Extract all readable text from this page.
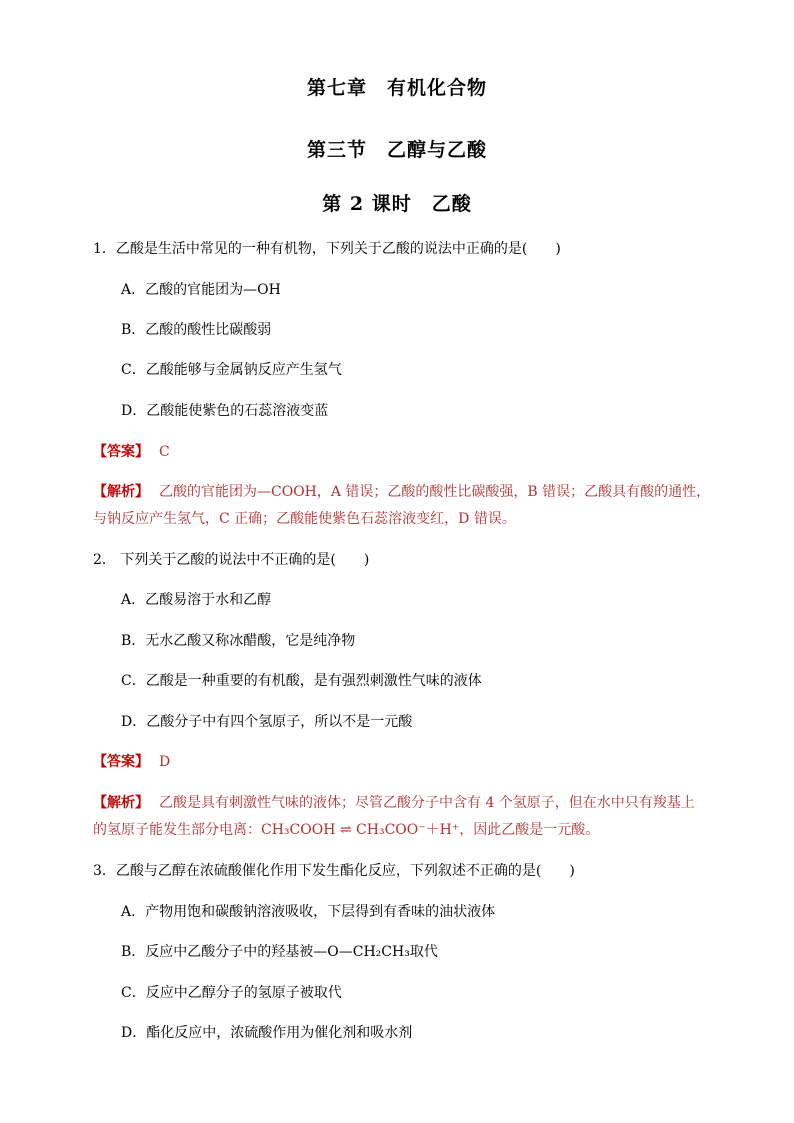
第七章　有机化合物
第三节　乙醇与乙酸
第 2 课时　乙酸
1．乙酸是生活中常见的一种有机物，下列关于乙酸的说法中正确的是(　　)
A．乙酸的官能团为—OH
B．乙酸的酸性比碳酸弱
C．乙酸能够与金属钠反应产生氢气
D．乙酸能使紫色的石蕊溶液变蓝
【答案】 C
【解析】 乙酸的官能团为—COOH，A 错误；乙酸的酸性比碳酸强，B 错误；乙酸具有酸的通性，
与钠反应产生氢气，C 正确；乙酸能使紫色石蕊溶液变红，D 错误。
2． 下列关于乙酸的说法中不正确的是(　　)
A．乙酸易溶于水和乙醇
B．无水乙酸又称冰醋酸，它是纯净物
C．乙酸是一种重要的有机酸，是有强烈刺激性气味的液体
D．乙酸分子中有四个氢原子，所以不是一元酸
【答案】 D
【解析】 乙酸是具有刺激性气味的液体；尽管乙酸分子中含有 4 个氢原子，但在水中只有羧基上
的氢原子能发生部分电离：CH₃COOH ⇌ CH₃COO⁻＋H⁺，因此乙酸是一元酸。
3．乙酸与乙醇在浓硫酸催化作用下发生酯化反应，下列叙述不正确的是(　　)
A．产物用饱和碳酸钠溶液吸收，下层得到有香味的油状液体
B．反应中乙酸分子中的羟基被—O—CH₂CH₃取代
C．反应中乙醇分子的氢原子被取代
D．酯化反应中，浓硫酸作用为催化剂和吸水剂
